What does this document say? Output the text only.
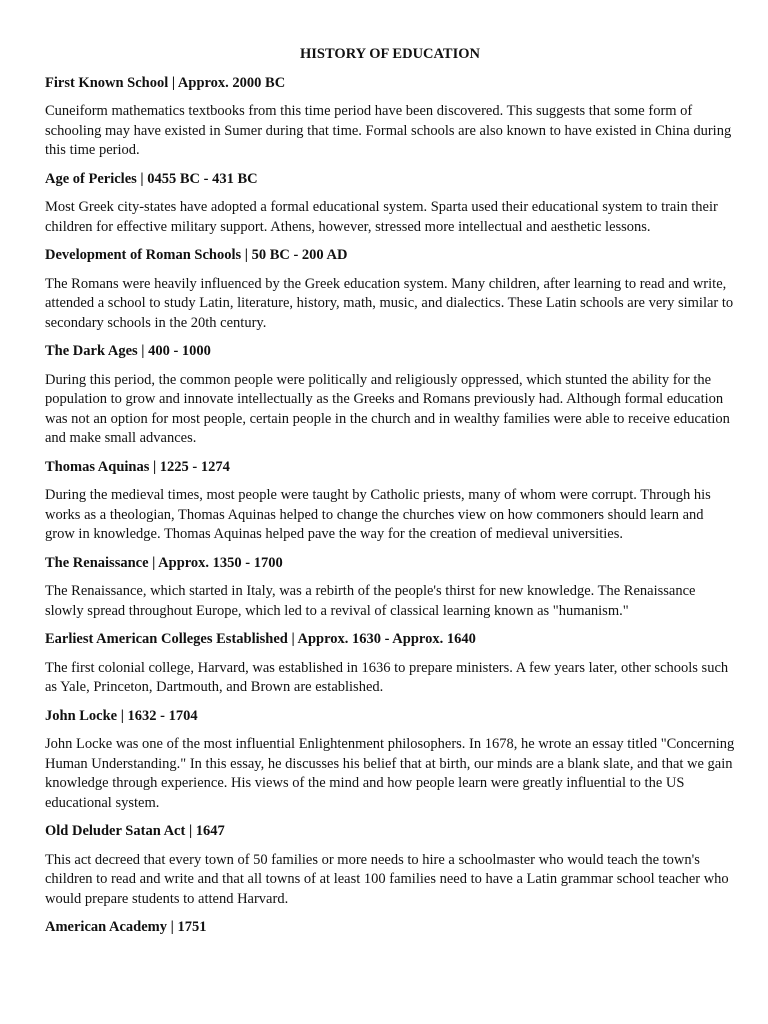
HISTORY OF EDUCATION
First Known School | Approx. 2000 BC
Cuneiform mathematics textbooks from this time period have been discovered. This suggests that some form of schooling may have existed in Sumer during that time. Formal schools are also known to have existed in China during this time period.
Age of Pericles | 0455 BC - 431 BC
Most Greek city-states have adopted a formal educational system. Sparta used their educational system to train their children for effective military support. Athens, however, stressed more intellectual and aesthetic lessons.
Development of Roman Schools | 50 BC - 200 AD
The Romans were heavily influenced by the Greek education system. Many children, after learning to read and write, attended a school to study Latin, literature, history, math, music, and dialectics. These Latin schools are very similar to secondary schools in the 20th century.
The Dark Ages | 400 - 1000
During this period, the common people were politically and religiously oppressed, which stunted the ability for the population to grow and innovate intellectually as the Greeks and Romans previously had. Although formal education was not an option for most people, certain people in the church and in wealthy families were able to receive education and make small advances.
Thomas Aquinas | 1225 - 1274
During the medieval times, most people were taught by Catholic priests, many of whom were corrupt. Through his works as a theologian, Thomas Aquinas helped to change the churches view on how commoners should learn and grow in knowledge. Thomas Aquinas helped pave the way for the creation of medieval universities.
The Renaissance | Approx. 1350 - 1700
The Renaissance, which started in Italy, was a rebirth of the people's thirst for new knowledge. The Renaissance slowly spread throughout Europe, which led to a revival of classical learning known as "humanism."
Earliest American Colleges Established | Approx. 1630 - Approx. 1640
The first colonial college, Harvard, was established in 1636 to prepare ministers. A few years later, other schools such as Yale, Princeton, Dartmouth, and Brown are established.
John Locke | 1632 - 1704
John Locke was one of the most influential Enlightenment philosophers. In 1678, he wrote an essay titled "Concerning Human Understanding." In this essay, he discusses his belief that at birth, our minds are a blank slate, and that we gain knowledge through experience. His views of the mind and how people learn were greatly influential to the US educational system.
Old Deluder Satan Act | 1647
This act decreed that every town of 50 families or more needs to hire a schoolmaster who would teach the town's children to read and write and that all towns of at least 100 families need to have a Latin grammar school teacher who would prepare students to attend Harvard.
American Academy | 1751
